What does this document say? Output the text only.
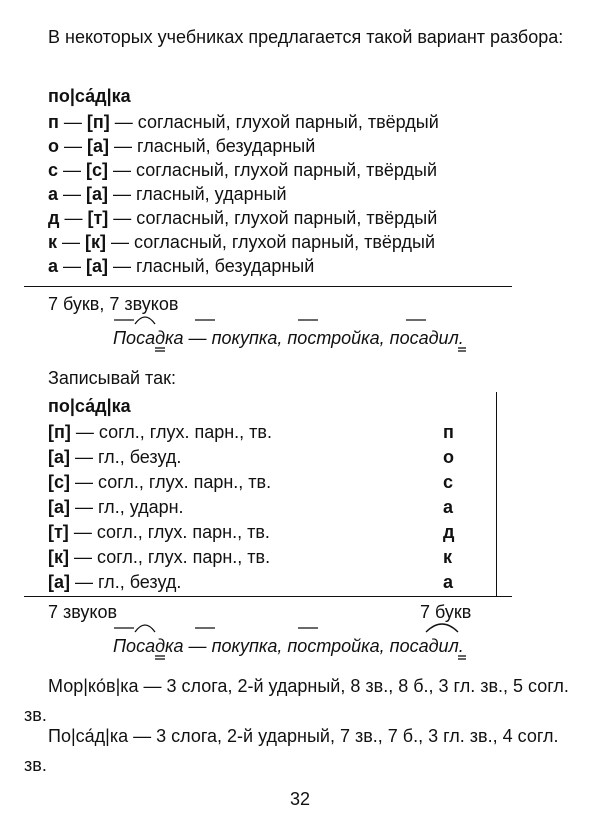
В некоторых учебниках предлагается такой вариант разбора:
по|са́д|ка
п — [п] — согласный, глухой парный, твёрдый
о — [а] — гласный, безударный
с — [с] — согласный, глухой парный, твёрдый
а — [а] — гласный, ударный
д — [т] — согласный, глухой парный, твёрдый
к — [к] — согласный, глухой парный, твёрдый
а — [а] — гласный, безударный
7 букв, 7 звуков
Посадка — покупка, постройка, посадил.
Записывай так:
по|са́д|ка
[п] — согл., глух. парн., тв.
[а] — гл., безуд.
[с] — согл., глух. парн., тв.
[а] — гл., ударн.
[т] — согл., глух. парн., тв.
[к] — согл., глух. парн., тв.
[а] — гл., безуд.
п
о
с
а
д
к
а
7 звуков	7 букв
Посадка — покупка, постройка, посадил.
Мор|ко́в|ка — 3 слога, 2-й ударный, 8 зв., 8 б., 3 гл. зв., 5 согл. зв.
По|са́д|ка — 3 слога, 2-й ударный, 7 зв., 7 б., 3 гл. зв., 4 согл. зв.
32
